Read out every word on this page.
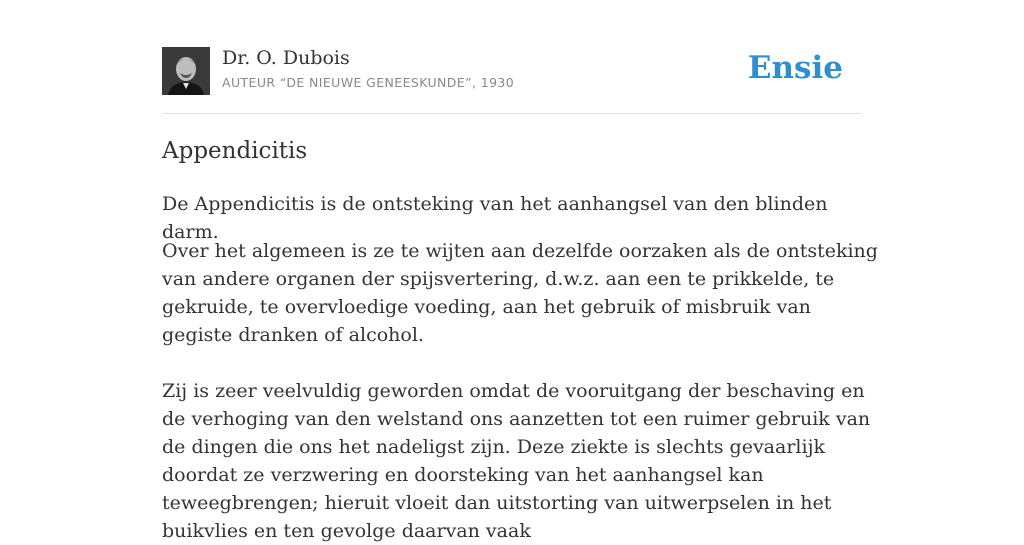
Dr. O. Dubois
AUTEUR “DE NIEUWE GENEESKUNDE”, 1930	Ensie
Appendicitis

De Appendicitis is de ontsteking van het aanhangsel van den blinden darm.

Over het algemeen is ze te wijten aan dezelfde oorzaken als de ontsteking van andere organen der spijsvertering, d.w.z. aan een te prikkelde, te gekruide, te overvloedige voeding, aan het gebruik of misbruik van gegiste dranken of alcohol.

Zij is zeer veelvuldig geworden omdat de vooruitgang der beschaving en de verhoging van den welstand ons aanzetten tot een ruimer gebruik van de dingen die ons het nadeligst zijn. Deze ziekte is slechts gevaarlijk doordat ze verzwering en doorsteking van het aanhangsel kan teweegbrengen; hieruit vloeit dan uitstorting van uitwerpselen in het buikvlies en ten gevolge daarvan vaak
